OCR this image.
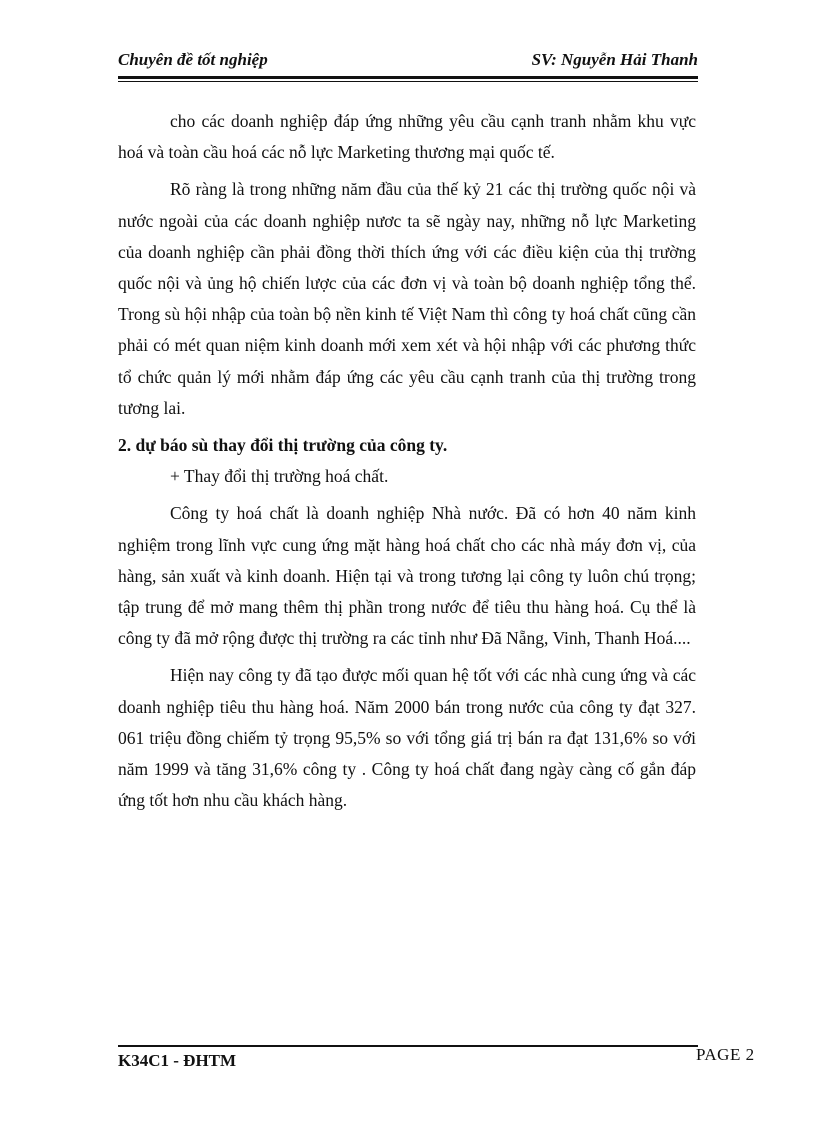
Chuyên đề tốt nghiệp	SV: Nguyễn Hải Thanh

cho các doanh nghiệp đáp ứng những yêu cầu cạnh tranh nhằm khu vực hoá và toàn cầu hoá các nỗ lực Marketing thương mại quốc tế.

Rõ ràng là trong những năm đầu của thế kỷ 21 các thị trường quốc nội và nước ngoài của các doanh nghiệp nươc ta sẽ ngày nay, những nỗ lực Marketing của doanh nghiệp cần phải đồng thời thích ứng với các điều kiện của thị trường quốc nội và ủng hộ chiến lược của các đơn vị và toàn bộ doanh nghiệp tổng thể. Trong sù hội nhập của toàn bộ nền kinh tế Việt Nam thì công ty hoá chất cũng cần phải có mét quan niệm kinh doanh mới xem xét và hội nhập với các phương thức tổ chức quản lý mới nhằm đáp ứng các yêu cầu cạnh tranh của thị trường trong tương lai.

2. dự báo sù thay đổi thị trường của công ty.

+ Thay đổi thị trường hoá chất.

Công ty hoá chất là doanh nghiệp Nhà nước. Đã có hơn 40 năm kinh nghiệm trong lĩnh vực cung ứng mặt hàng hoá chất cho các nhà máy đơn vị, của hàng, sản xuất và kinh doanh. Hiện tại và trong tương lại công ty luôn chú trọng; tập trung để mở mang thêm thị phần trong nước để tiêu thu hàng hoá. Cụ thể là công ty đã mở rộng được thị trường ra các tỉnh như Đã Nẵng, Vinh, Thanh Hoá....

Hiện nay công ty đã tạo được mối quan hệ tốt với các nhà cung ứng và các doanh nghiệp tiêu thu hàng hoá. Năm 2000 bán trong nước của công ty đạt 327. 061 triệu đồng chiếm tỷ trọng 95,5% so với tổng giá trị bán ra đạt 131,6% so với năm 1999 và tăng 31,6% công ty . Công ty hoá chất đang ngày càng cố gắn đáp ứng tốt hơn nhu cầu khách hàng.

K34C1 - ĐHTM	PAGE 2
